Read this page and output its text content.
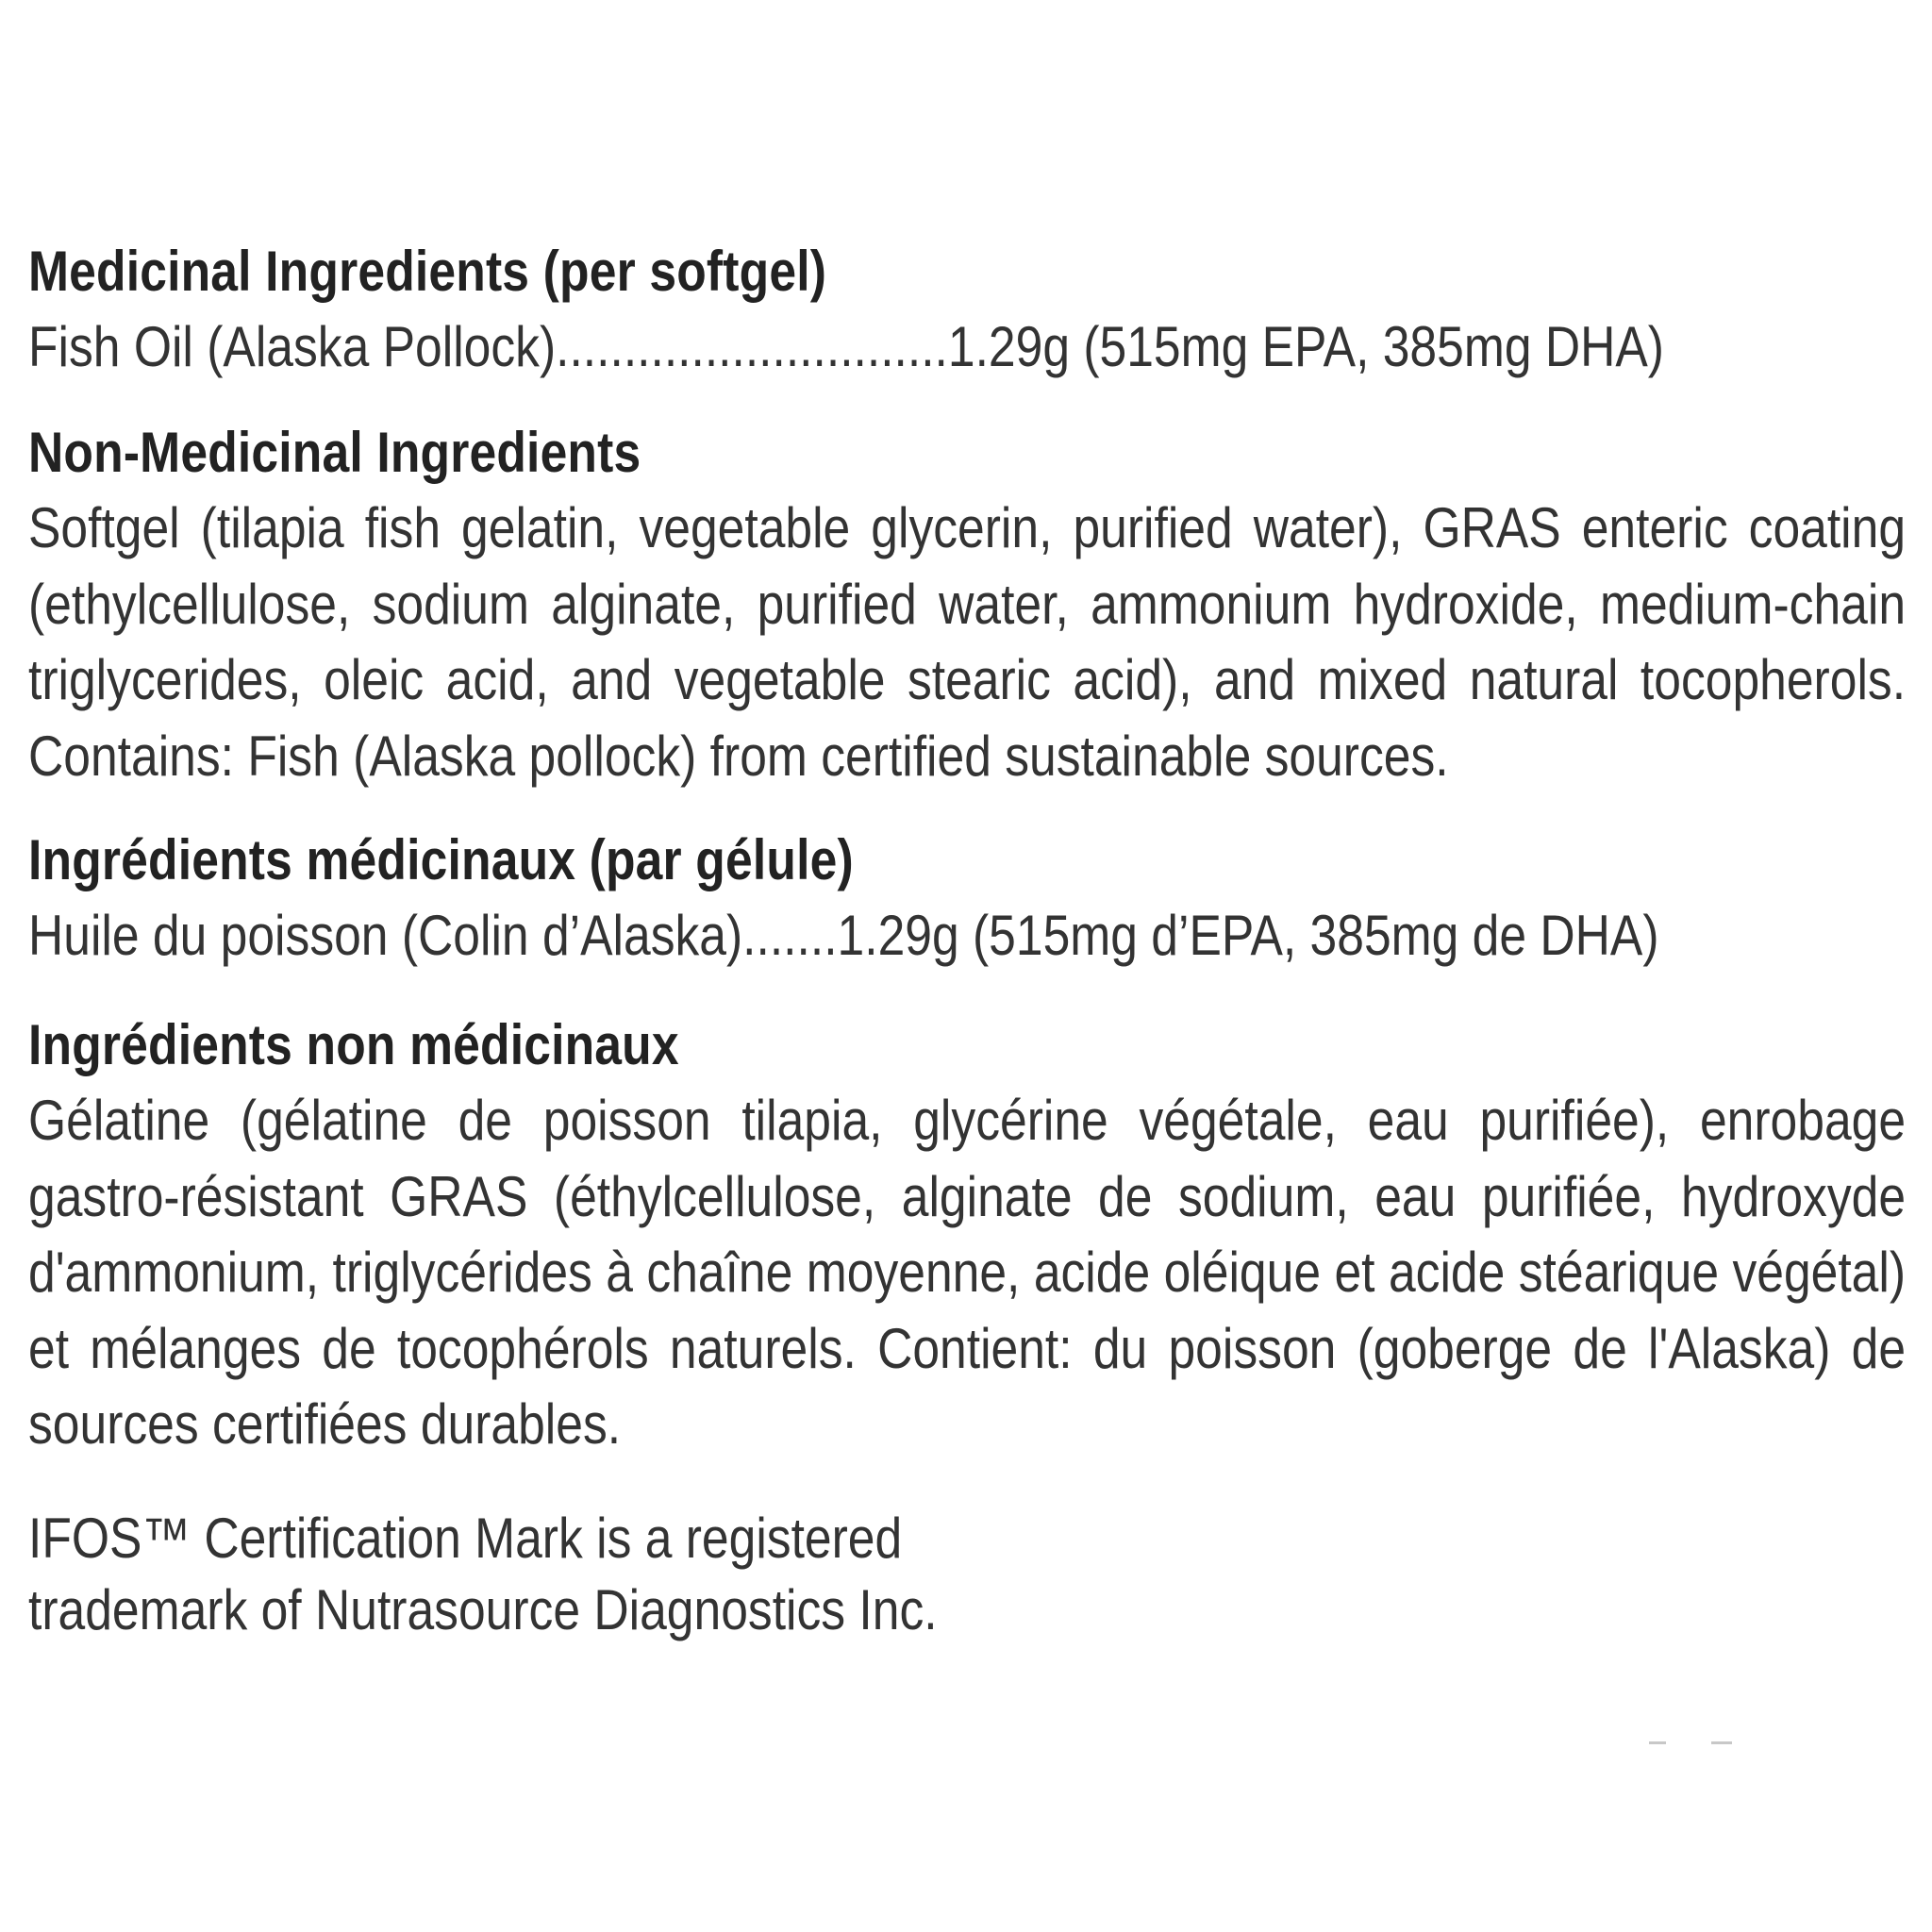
Medicinal Ingredients (per softgel)

Fish Oil (Alaska Pollock) ............................. 1.29g (515mg EPA, 385mg DHA)

Non-Medicinal Ingredients

Softgel (tilapia fish gelatin, vegetable glycerin, purified water), GRAS enteric coating (ethylcellulose, sodium alginate, purified water, ammonium hydroxide, medium-chain triglycerides, oleic acid, and vegetable stearic acid), and mixed natural tocopherols. Contains: Fish (Alaska pollock) from certified sustainable sources.

Ingrédients médicinaux (par gélule)

Huile du poisson (Colin d’Alaska) ....... 1.29g (515mg d’EPA, 385mg de DHA)

Ingrédients non médicinaux

Gélatine (gélatine de poisson tilapia, glycérine végétale, eau purifiée), enrobage gastro-résistant GRAS (éthylcellulose, alginate de sodium, eau purifiée, hydroxyde d'ammonium, triglycérides à chaîne moyenne, acide oléique et acide stéarique végétal) et mélanges de tocophérols naturels. Contient: du poisson (goberge de l'Alaska) de sources certifiées durables.

IFOS™ Certification Mark is a registered

trademark of Nutrasource Diagnostics Inc.
